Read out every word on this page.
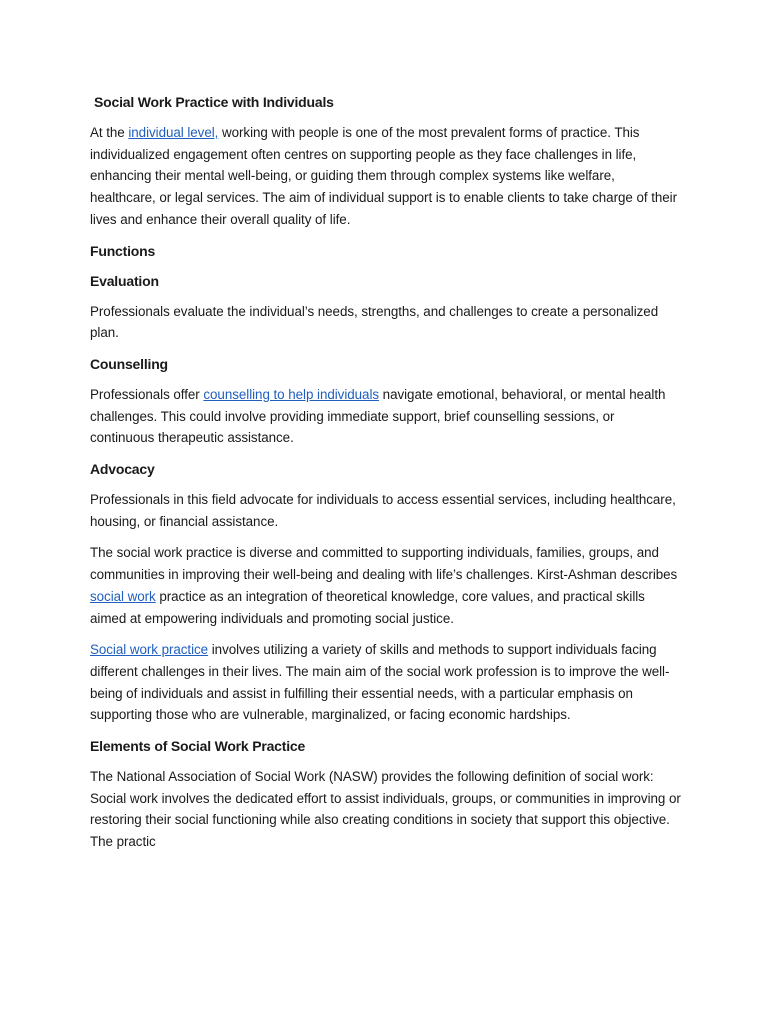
Social Work Practice with Individuals

At the individual level, working with people is one of the most prevalent forms of practice. This individualized engagement often centres on supporting people as they face challenges in life, enhancing their mental well-being, or guiding them through complex systems like welfare, healthcare, or legal services. The aim of individual support is to enable clients to take charge of their lives and enhance their overall quality of life.

Functions
Evaluation

Professionals evaluate the individual’s needs, strengths, and challenges to create a personalized plan.

Counselling

Professionals offer counselling to help individuals navigate emotional, behavioral, or mental health challenges. This could involve providing immediate support, brief counselling sessions, or continuous therapeutic assistance.

Advocacy

Professionals in this field advocate for individuals to access essential services, including healthcare, housing, or financial assistance.

The social work practice is diverse and committed to supporting individuals, families, groups, and communities in improving their well-being and dealing with life’s challenges. Kirst-Ashman describes social work practice as an integration of theoretical knowledge, core values, and practical skills aimed at empowering individuals and promoting social justice.

Social work practice involves utilizing a variety of skills and methods to support individuals facing different challenges in their lives. The main aim of the social work profession is to improve the well-being of individuals and assist in fulfilling their essential needs, with a particular emphasis on supporting those who are vulnerable, marginalized, or facing economic hardships.

Elements of Social Work Practice

The National Association of Social Work (NASW) provides the following definition of social work: Social work involves the dedicated effort to assist individuals, groups, or communities in improving or restoring their social functioning while also creating conditions in society that support this objective. The practic
